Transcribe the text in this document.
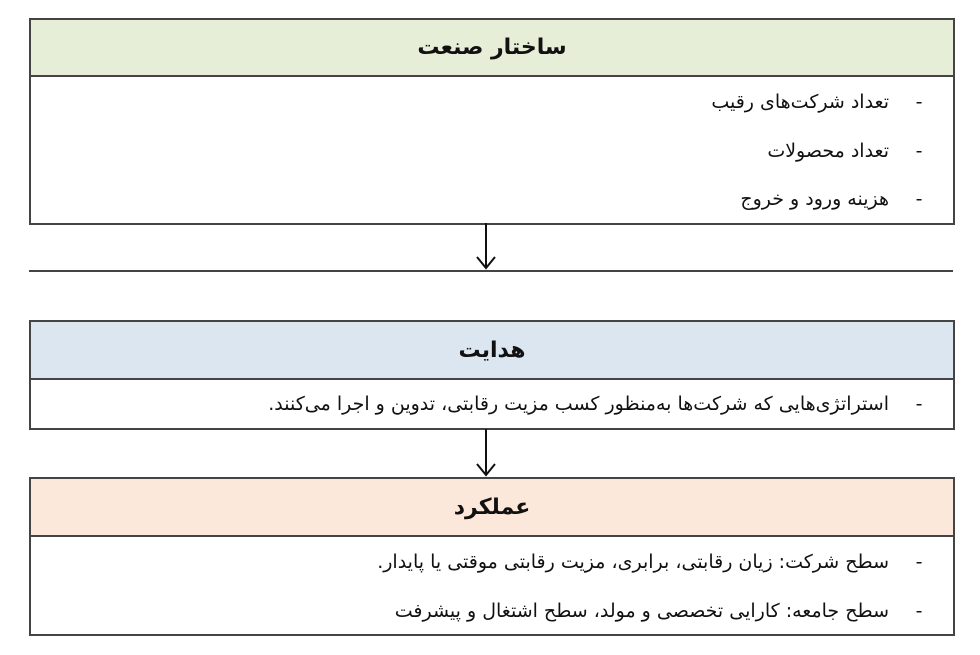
ساختار صنعت
-
تعداد شرکت‌های رقیب
-
تعداد محصولات
-
هزینه ورود و خروج
هدایت
-
استراتژی‌هایی که شرکت‌ها به‌منظور کسب مزیت رقابتی، تدوین و اجرا می‌کنند.
عملکرد
-
سطح شرکت: زیان رقابتی، برابری، مزیت رقابتی موقتی یا پایدار.
-
سطح جامعه: کارایی تخصصی و مولد، سطح اشتغال و پیشرفت
